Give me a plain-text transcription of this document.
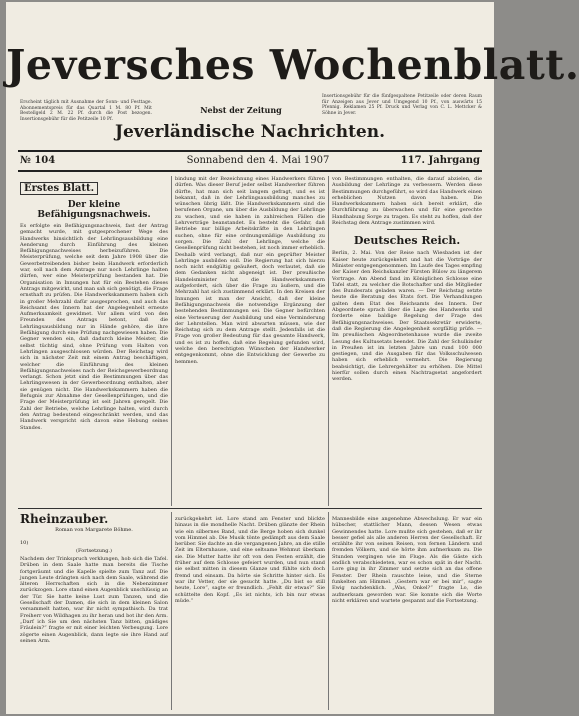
Jeversches Wochenblatt.
Erscheint täglich mit Ausnahme der Sonn- und Festtage. Abonnementspreis für das Quartal 1 M. 80 Pf. Mit Bestellgeld 2 M. 22 Pf. durch die Post bezogen. Insertionsgebühr für die Petitzeile 10 Pf.
Nebst der Zeitung
Insertionsgebühr für die fünfgespaltene Petitzeile oder deren Raum für Anzeigen aus Jever und Umgegend 10 Pf., von auswärts 15 Pfennig. Reklamen 25 Pf. Druck und Verlag von C. L. Mettcker & Söhne in Jever.
Jeverländische Nachrichten.
№ 104	Sonnabend den 4. Mai 1907	117. Jahrgang
Erstes Blatt.
Der kleine Befähigungsnachweis.

Es erfolgte ein Befähigungsnachweis, fast der Antrag gemacht wurde, mit gutgesprochener Wege des Handwerks hinsichtlich der Lehrlingsausbildung eine Aenderung durch Einführung des kleinen Befähigungsnachweises herbeizuführen. Die Meisterprüfung, welche seit dem Jahre 1908 über die Gewerbetreibenden bisher beim Handwerk erforderlich war, soll nach dem Antrage nur noch Lehrlinge halten dürfen, wer eine Meisterprüfung bestanden hat. Die Organisation in Innungen hat für ein Bestehen dieses Antrags mitgewirkt, und man sah sich genötigt, die Frage ernsthaft zu prüfen. Die Handwerkskammern haben sich in großer Mehrzahl dafür ausgesprochen, und auch das Reichsamt des Innern hat der Angelegenheit erneute Aufmerksamkeit gewidmet. Vor allem wird von den Freunden des Antrags betont, daß die Lehrlingsausbildung nur in Hände gehöre, die ihre Befähigung durch eine Prüfung nachgewiesen haben. Die Gegner wenden ein, daß dadurch kleine Meister, die selbst tüchtig sind, ohne Prüfung vom Halten von Lehrlingen ausgeschlossen würden. Der Reichstag wird sich in nächster Zeit mit einem Antrag beschäftigen, welcher die Einführung des kleinen Befähigungsnachweises nach der Reichsgewerbeordnung verlangt. Schon jetzt sind die Bestimmungen über das Lehrlingswesen in der Gewerbeordnung enthalten, aber sie genügen nicht. Die Handwerkskammern haben die Befugnis zur Abnahme der Gesellenprüfungen, und die Frage der Meisterprüfung ist seit Jahren geregelt. Die Zahl der Betriebe, welche Lehrlinge halten, wird durch den Antrag bedeutend eingeschränkt werden, und das Handwerk verspricht sich davon eine Hebung seines Standes.

bindung mit der Bezeichnung eines Handwerkers führen dürfen. Was dieser Beruf jeder selbst Handwerker führen dürfte, hat man sich seit langem gefragt, und es ist bekannt, daß in der Lehrlingsausbildung manches zu wünschen übrig läßt. Die Handwerkskammern sind die berufenen Organe, um über die Ausbildung der Lehrlinge zu wachen, und sie haben in zahlreichen Fällen die Lehrverträge beanstandet. Es besteht die Gefahr, daß Betriebe nur billige Arbeitskräfte in den Lehrlingen suchen, ohne für eine ordnungsmäßige Ausbildung zu sorgen. Die Zahl der Lehrlinge, welche die Gesellenprüfung nicht bestehen, ist noch immer erheblich. Deshalb wird verlangt, daß nur ein geprüfter Meister Lehrlinge ausbilden soll. Die Regierung hat sich hierzu noch nicht endgültig geäußert, doch verlautet, daß sie dem Gedanken nicht abgeneigt ist. Der preußische Handelsminister hat die Handwerkskammern aufgefordert, sich über die Frage zu äußern, und die Mehrzahl hat sich zustimmend erklärt. In den Kreisen der Innungen ist man der Ansicht, daß der kleine Befähigungsnachweis die notwendige Ergänzung der bestehenden Bestimmungen sei. Die Gegner befürchten eine Verteuerung der Ausbildung und eine Verminderung der Lehrstellen. Man wird abwarten müssen, wie der Reichstag sich zu dem Antrage stellt. Jedenfalls ist die Frage von großer Bedeutung für das gesamte Handwerk, und es ist zu hoffen, daß eine Regelung gefunden wird, welche den berechtigten Wünschen der Handwerker entgegenkommt, ohne die Entwicklung der Gewerbe zu hemmen.

von Bestimmungen enthalten, die darauf abzielen, die Ausbildung der Lehrlinge zu verbessern. Werden diese Bestimmungen durchgeführt, so wird das Handwerk einen erheblichen Nutzen davon haben. Die Handwerkskammern haben sich bereit erklärt, die Durchführung zu überwachen und für eine gerechte Handhabung Sorge zu tragen. Es steht zu hoffen, daß der Reichstag dem Antrage zustimmen wird.

Deutsches Reich.

Berlin, 2. Mai. Von der Reise nach Wiesbaden ist der Kaiser heute zurückgekehrt und hat die Vorträge der Minister entgegengenommen. Im Laufe des Tages empfing der Kaiser den Reichskanzler Fürsten Bülow zu längerem Vortrage. Am Abend fand im Königlichen Schlosse eine Tafel statt, zu welcher die Botschafter und die Mitglieder des Bundesrats geladen waren. — Der Reichstag setzte heute die Beratung des Etats fort. Die Verhandlungen galten dem Etat des Reichsamts des Innern. Der Abgeordnete sprach über die Lage des Handwerks und forderte eine baldige Regelung der Frage des Befähigungsnachweises. Der Staatssekretär erwiderte, daß die Regierung die Angelegenheit sorgfältig prüfe. — Im preußischen Abgeordnetenhause wurde die zweite Lesung des Kultusetats beendet. Die Zahl der Schulkinder in Preußen ist im letzten Jahre um rund 100 000 gestiegen, und die Ausgaben für das Volksschulwesen haben sich erheblich vermehrt. Die Regierung beabsichtigt, die Lehrergehälter zu erhöhen. Die Mittel hierfür sollen durch einen Nachtragsetat angefordert werden.

Rheinzauber.
Roman von Margarete Böhme.
10)
(Fortsetzung.)

Nachdem der Trinkspruch verklungen, hob sich die Tafel. Drüben in dem Saale hatte man bereits die Tische fortgeräumt und die Kapelle spielte zum Tanz auf. Die jungen Leute drängten sich nach dem Saale, während die älteren Herrschaften sich in die Nebenzimmer zurückzogen. Lore stand einen Augenblick unschlüssig an der Tür. Sie hatte keine Lust zum Tanzen, und die Gesellschaft der Damen, die sich in dem kleinen Salon versammelt hatten, war ihr nicht sympathisch. Da trat Freiherr von Wildhagen zu ihr heran und bot ihr den Arm. „Darf ich Sie um den nächsten Tanz bitten, gnädiges Fräulein?“ fragte er mit einer leichten Verbeugung. Lore zögerte einen Augenblick, dann legte sie ihre Hand auf seinen Arm.

zurückgekehrt ist. Lore stand am Fenster und blickte hinaus in die mondhelle Nacht. Drüben glänzte der Rhein wie ein silbernes Band, und die Berge hoben sich dunkel vom Himmel ab. Die Musik tönte gedämpft aus dem Saale herüber. Sie dachte an die vergangenen Jahre, an die stille Zeit im Elternhause, und eine seltsame Wehmut überkam sie. Die Mutter hatte ihr oft von den Festen erzählt, die früher auf dem Schlosse gefeiert wurden, und nun stand sie selbst mitten in diesem Glanze und fühlte sich doch fremd und einsam. Da hörte sie Schritte hinter sich. Es war ihr Vetter, der sie gesucht hatte. „Du bist so still heute, Lore“, sagte er freundlich. „Fehlt dir etwas?“ Sie schüttelte den Kopf. „Es ist nichts, ich bin nur etwas müde.“

Mannesbilde eine angenehme Abwechslung. Er war ein hübscher, stattlicher Mann, dessen Wesen etwas Gewinnendes hatte. Lore mußte sich gestehen, daß er ihr besser gefiel als alle anderen Herren der Gesellschaft. Er erzählte ihr von seinen Reisen, von fernen Ländern und fremden Völkern, und sie hörte ihm aufmerksam zu. Die Stunden vergingen wie im Fluge. Als die Gäste sich endlich verabschiedeten, war es schon spät in der Nacht. Lore ging in ihr Zimmer und setzte sich an das offene Fenster. Der Rhein rauschte leise, und die Sterne funkelten am Himmel. „Gestern war er bei mir“, sagte Ewig nachdenklich. „Was, Onkel?“ fragte Lo, die aufmerksam geworden war. Sie konnte sich die Worte nicht erklären und wartete gespannt auf die Fortsetzung.
